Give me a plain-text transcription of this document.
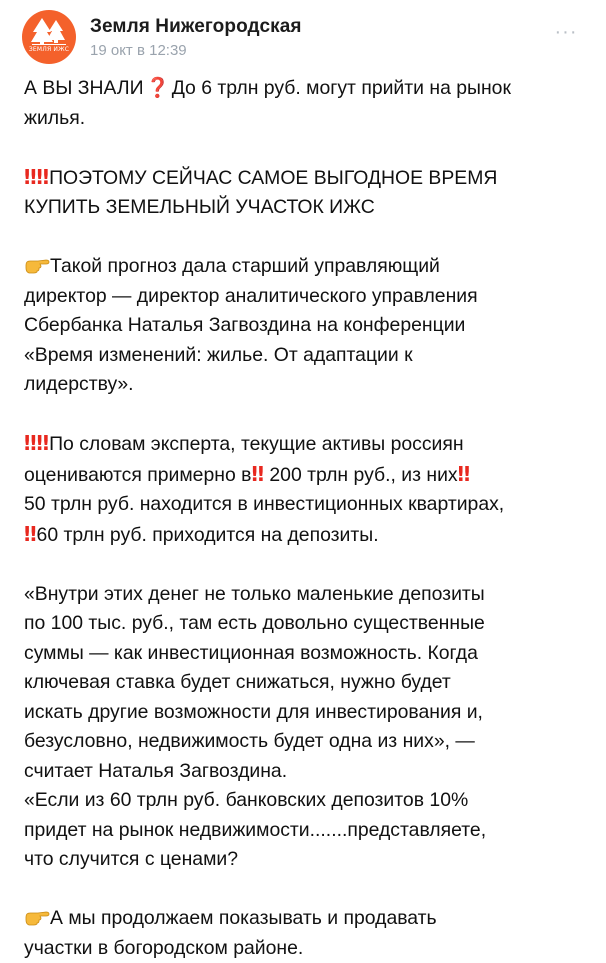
ЗЕМЛЯ ИЖС
Земля Нижегородская
19 окт в 12:39
···
А ВЫ ЗНАЛИ ❓ До 6 трлн руб. могут прийти на рынок
жилья.
‼ ‼ ПОЭТОМУ СЕЙЧАС САМОЕ ВЫГОДНОЕ ВРЕМЯ
КУПИТЬ ЗЕМЕЛЬНЫЙ УЧАСТОК ИЖС
Такой прогноз дала старший управляющий
директор — директор аналитического управления
Сбербанка Наталья Загвоздина на конференции
«Время изменений: жилье. От адаптации к
лидерству».
‼ ‼ По словам эксперта, текущие активы россиян
оцениваются примерно в‼ 200 трлн руб., из них‼
50 трлн руб. находится в инвестиционных квартирах,
‼ 60 трлн руб. приходится на депозиты.
«Внутри этих денег не только маленькие депозиты
по 100 тыс. руб., там есть довольно существенные
суммы — как инвестиционная возможность. Когда
ключевая ставка будет снижаться, нужно будет
искать другие возможности для инвестирования и,
безусловно, недвижимость будет одна из них», —
считает Наталья Загвоздина.
«Если из 60 трлн руб. банковских депозитов 10%
придет на рынок недвижимости.......представляете,
что случится с ценами?
А мы продолжаем показывать и продавать
участки в богородском районе.
